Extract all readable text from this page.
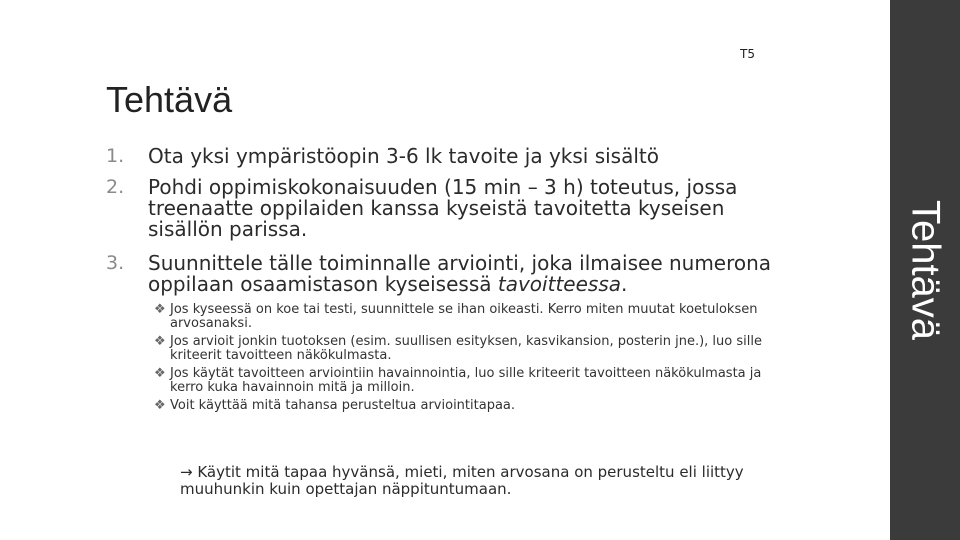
T5
Tehtävä
1. Ota yksi ympäristöopin 3-6 lk tavoite ja yksi sisältö
2. Pohdi oppimiskokonaisuuden (15 min – 3 h) toteutus, jossa treenaatte oppilaiden kanssa kyseistä tavoitetta kyseisen sisällön parissa.
3. Suunnittele tälle toiminnalle arviointi, joka ilmaisee numerona oppilaan osaamistason kyseisessä tavoitteessa.
❖ Jos kyseessä on koe tai testi, suunnittele se ihan oikeasti. Kerro miten muutat koetuloksen arvosanaksi.
❖ Jos arvioit jonkin tuotoksen (esim. suullisen esityksen, kasvikansion, posterin jne.), luo sille kriteerit tavoitteen näkökulmasta.
❖ Jos käytät tavoitteen arviointiin havainnointia, luo sille kriteerit tavoitteen näkökulmasta ja kerro kuka havainnoin mitä ja milloin.
❖ Voit käyttää mitä tahansa perusteltua arviointitapaa.
→ Käytit mitä tapaa hyvänsä, mieti, miten arvosana on perusteltu eli liittyy muuhunkin kuin opettajan näppituntumaan.
Tehtävä
